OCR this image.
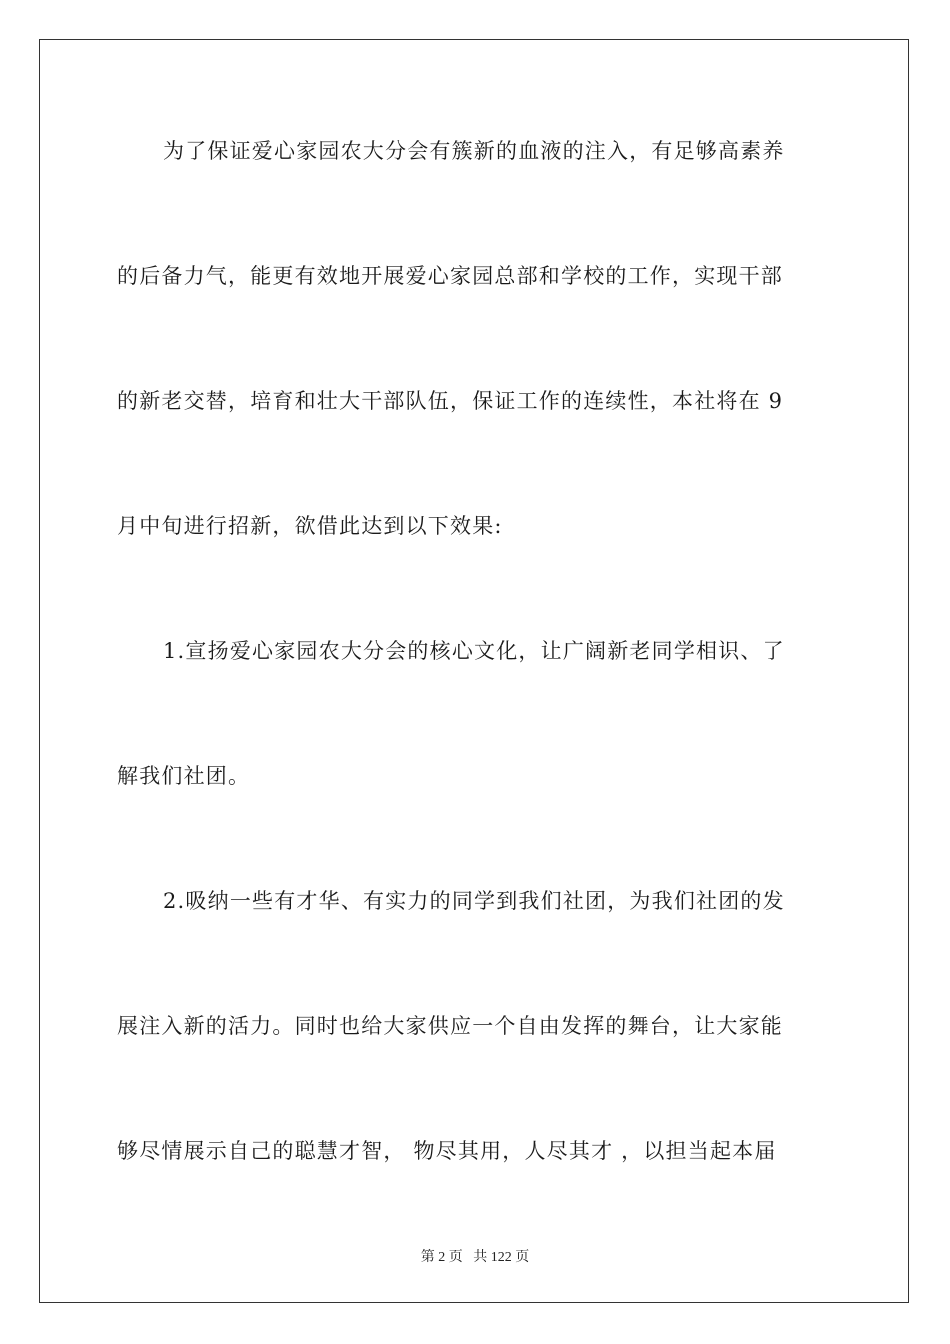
为了保证爱心家园农大分会有簇新的血液的注入，有足够高素养
的后备力气，能更有效地开展爱心家园总部和学校的工作，实现干部
的新老交替，培育和壮大干部队伍，保证工作的连续性，本社将在 9
月中旬进行招新，欲借此达到以下效果:
1.宣扬爱心家园农大分会的核心文化，让广阔新老同学相识、了
解我们社团。
2.吸纳一些有才华、有实力的同学到我们社团，为我们社团的发
展注入新的活力。同时也给大家供应一个自由发挥的舞台，让大家能
够尽情展示自己的聪慧才智， 物尽其用，人尽其才 ，以担当起本届
第 2 页 共 122 页
